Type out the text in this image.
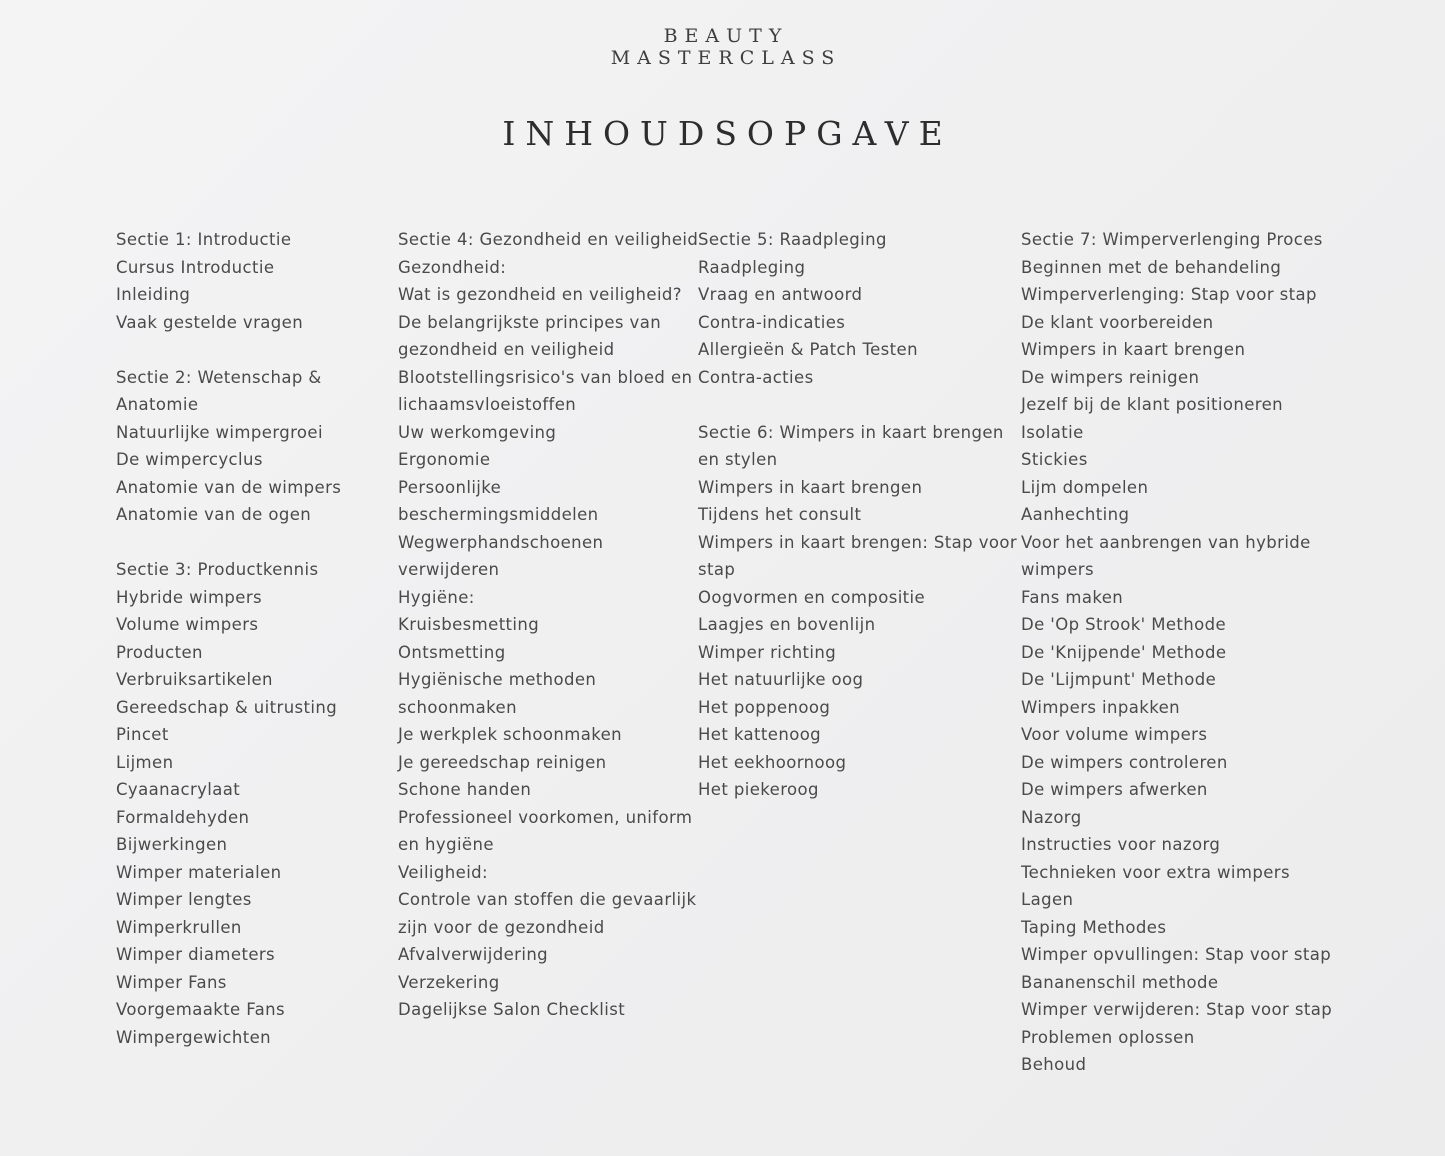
BEAUTY
MASTERCLASS
INHOUDSOPGAVE
Sectie 1: Introductie
Cursus Introductie
Inleiding
Vaak gestelde vragen
Sectie 2: Wetenschap &
Anatomie
Natuurlijke wimpergroei
De wimpercyclus
Anatomie van de wimpers
Anatomie van de ogen
Sectie 3: Productkennis
Hybride wimpers
Volume wimpers
Producten
Verbruiksartikelen
Gereedschap & uitrusting
Pincet
Lijmen
Cyaanacrylaat
Formaldehyden
Bijwerkingen
Wimper materialen
Wimper lengtes
Wimperkrullen
Wimper diameters
Wimper Fans
Voorgemaakte Fans
Wimpergewichten
Sectie 4: Gezondheid en veiligheid
Gezondheid:
Wat is gezondheid en veiligheid?
De belangrijkste principes van
gezondheid en veiligheid
Blootstellingsrisico's van bloed en
lichaamsvloeistoffen
Uw werkomgeving
Ergonomie
Persoonlijke
beschermingsmiddelen
Wegwerphandschoenen
verwijderen
Hygiëne:
Kruisbesmetting
Ontsmetting
Hygiënische methoden
schoonmaken
Je werkplek schoonmaken
Je gereedschap reinigen
Schone handen
Professioneel voorkomen, uniform
en hygiëne
Veiligheid:
Controle van stoffen die gevaarlijk
zijn voor de gezondheid
Afvalverwijdering
Verzekering
Dagelijkse Salon Checklist
Sectie 5: Raadpleging
Raadpleging
Vraag en antwoord
Contra-indicaties
Allergieën & Patch Testen
Contra-acties
Sectie 6: Wimpers in kaart brengen
en stylen
Wimpers in kaart brengen
Tijdens het consult
Wimpers in kaart brengen: Stap voor
stap
Oogvormen en compositie
Laagjes en bovenlijn
Wimper richting
Het natuurlijke oog
Het poppenoog
Het kattenoog
Het eekhoornoog
Het piekeroog
Sectie 7: Wimperverlenging Proces
Beginnen met de behandeling
Wimperverlenging: Stap voor stap
De klant voorbereiden
Wimpers in kaart brengen
De wimpers reinigen
Jezelf bij de klant positioneren
Isolatie
Stickies
Lijm dompelen
Aanhechting
Voor het aanbrengen van hybride
wimpers
Fans maken
De 'Op Strook' Methode
De 'Knijpende' Methode
De 'Lijmpunt' Methode
Wimpers inpakken
Voor volume wimpers
De wimpers controleren
De wimpers afwerken
Nazorg
Instructies voor nazorg
Technieken voor extra wimpers
Lagen
Taping Methodes
Wimper opvullingen: Stap voor stap
Bananenschil methode
Wimper verwijderen: Stap voor stap
Problemen oplossen
Behoud
